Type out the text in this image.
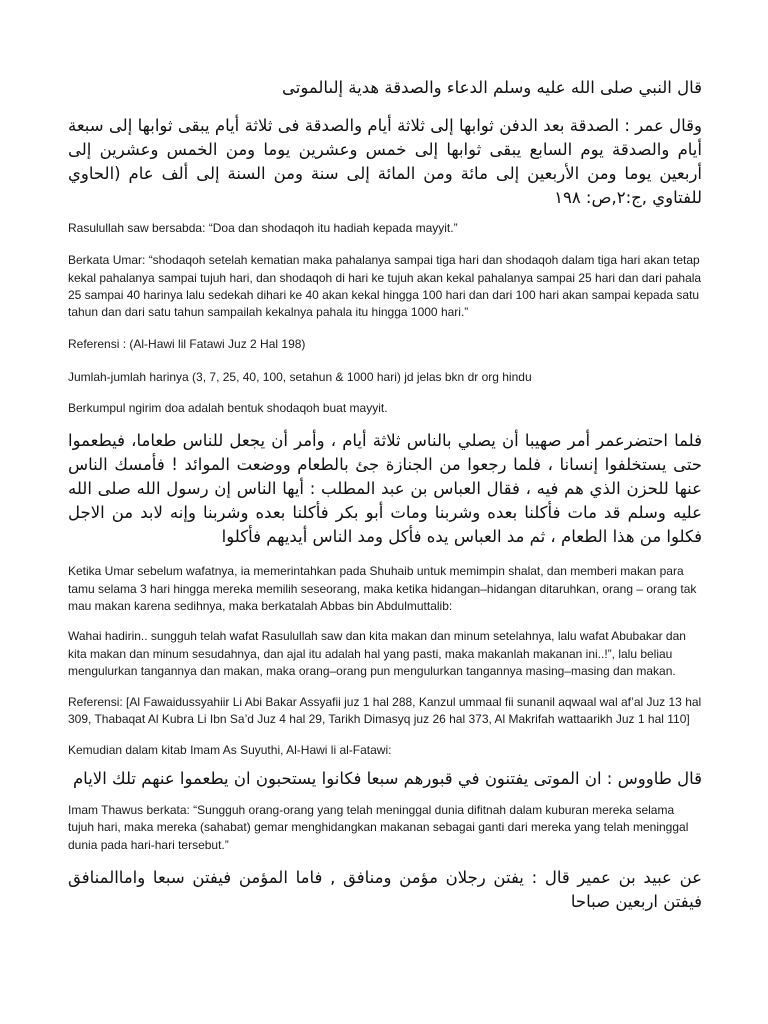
قال النبي صلى الله عليه وسلم الدعاء والصدقة هدية إلىالموتى

وقال عمر : الصدقة بعد الدفن ثوابها إلى ثلاثة أيام والصدقة فى ثلاثة أيام يبقى ثوابها إلى سبعة أيام والصدقة يوم السابع يبقى ثوابها إلى خمس وعشرين يوما ومن الخمس وعشرين إلى أربعين يوما ومن الأربعين إلى مائة ومن المائة إلى سنة ومن السنة إلى ألف عام (الحاوي للفتاوي ,ج:٢,ص: ١٩٨

Rasulullah saw bersabda: “Doa dan shodaqoh itu hadiah kepada mayyit.”

Berkata Umar: “shodaqoh setelah kematian maka pahalanya sampai tiga hari dan shodaqoh dalam tiga hari akan tetap kekal pahalanya sampai tujuh hari, dan shodaqoh di hari ke tujuh akan kekal pahalanya sampai 25 hari dan dari pahala 25 sampai 40 harinya lalu sedekah dihari ke 40 akan kekal hingga 100 hari dan dari 100 hari akan sampai kepada satu tahun dan dari satu tahun sampailah kekalnya pahala itu hingga 1000 hari.”

Referensi : (Al-Hawi lil Fatawi Juz 2 Hal 198)

Jumlah-jumlah harinya (3, 7, 25, 40, 100, setahun & 1000 hari) jd jelas bkn dr org hindu

Berkumpul ngirim doa adalah bentuk shodaqoh buat mayyit.

فلما احتضرعمر أمر صهيبا أن يصلي بالناس ثلاثة أيام ، وأمر أن يجعل للناس طعاما، فيطعموا حتى يستخلفوا إنسانا ، فلما رجعوا من الجنازة جئ بالطعام ووضعت الموائد ! فأمسك الناس عنها للحزن الذي هم فيه ، فقال العباس بن عبد المطلب : أيها الناس إن رسول الله صلى الله عليه وسلم قد مات فأكلنا بعده وشربنا ومات أبو بكر فأكلنا بعده وشربنا وإنه لابد من الاجل فكلوا من هذا الطعام ، ثم مد العباس يده فأكل ومد الناس أيديهم فأكلوا

Ketika Umar sebelum wafatnya, ia memerintahkan pada Shuhaib untuk memimpin shalat, dan memberi makan para tamu selama 3 hari hingga mereka memilih seseorang, maka ketika hidangan–hidangan ditaruhkan, orang – orang tak mau makan karena sedihnya, maka berkatalah Abbas bin Abdulmuttalib:

Wahai hadirin.. sungguh telah wafat Rasulullah saw dan kita makan dan minum setelahnya, lalu wafat Abubakar dan kita makan dan minum sesudahnya, dan ajal itu adalah hal yang pasti, maka makanlah makanan ini..!”, lalu beliau mengulurkan tangannya dan makan, maka orang–orang pun mengulurkan tangannya masing–masing dan makan.

Referensi: [Al Fawaidussyahiir Li Abi Bakar Assyafii juz 1 hal 288, Kanzul ummaal fii sunanil aqwaal wal af’al Juz 13 hal 309, Thabaqat Al Kubra Li Ibn Sa’d Juz 4 hal 29, Tarikh Dimasyq juz 26 hal 373, Al Makrifah wattaarikh Juz 1 hal 110]

Kemudian dalam kitab Imam As Suyuthi, Al-Hawi li al-Fatawi:

قال طاووس : ان الموتى يفتنون في قبورهم سبعا فكانوا يستحبون ان يطعموا عنهم تلك الايام

Imam Thawus berkata: “Sungguh orang-orang yang telah meninggal dunia difitnah dalam kuburan mereka selama tujuh hari, maka mereka (sahabat) gemar menghidangkan makanan sebagai ganti dari mereka yang telah meninggal dunia pada hari-hari tersebut.”

عن عبيد بن عمير قال : يفتن رجلان مؤمن ومنافق , فاما المؤمن فيفتن سبعا واماالمنافق فيفتن اربعين صباحا
